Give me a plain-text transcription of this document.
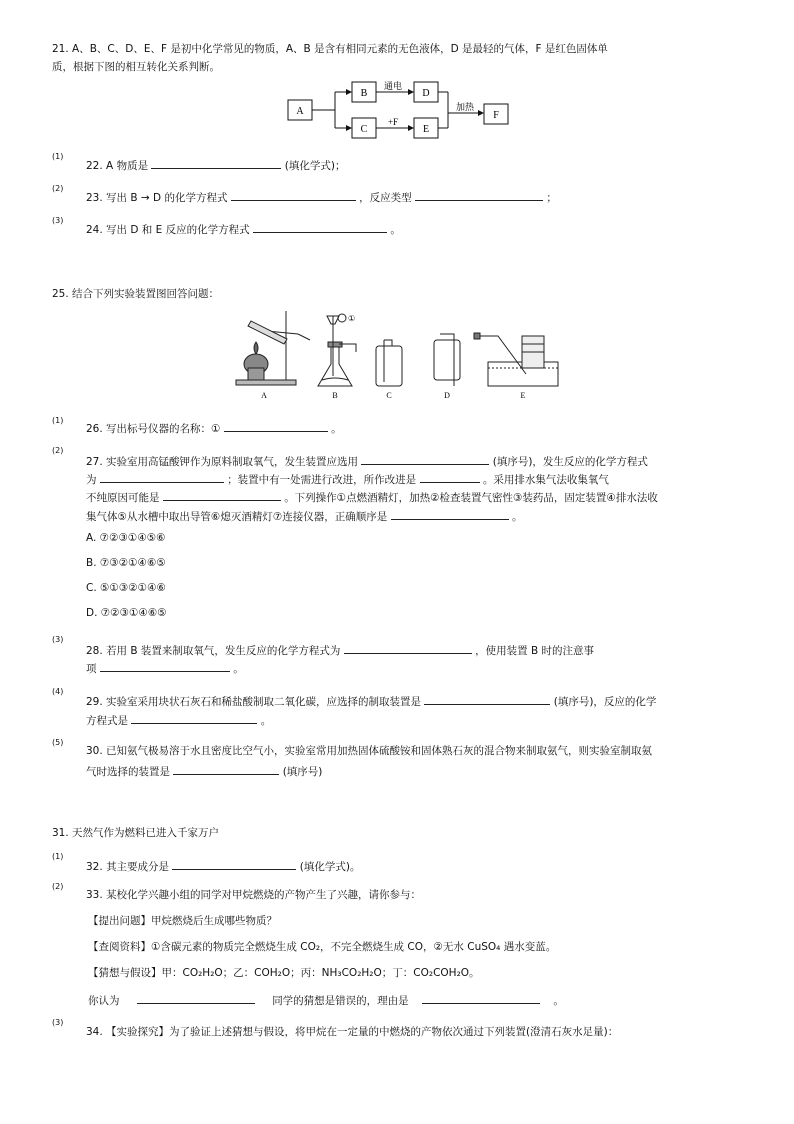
21. A、B、C、D、E、F 是初中化学常见的物质，A、B 是含有相同元素的无色液体，D 是最轻的气体，F 是红色固体单
质，根据下图的相互转化关系判断。
A
B
C
通电
+F
D
E
加热
F
(1)
22. A 物质是	(填化学式)；
(2)
23. 写出 B → D 的化学方程式	，反应类型	；
(3)
24. 写出 D 和 E 反应的化学方程式	。
25. 结合下列实验装置图回答问题：
①
A	B	C	D	E
(1)
26. 写出标号仪器的名称：①	。
(2)
27. 实验室用高锰酸钾作为原料制取氧气，发生装置应选用	(填序号)，发生反应的化学方程式
为	；装置中有一处需进行改进，所作改进是	。采用排水集气法收集氧气
不纯原因可能是	。下列操作①点燃酒精灯，加热②检查装置气密性③装药品，固定装置④排水法收
集气体⑤从水槽中取出导管⑥熄灭酒精灯⑦连接仪器，正确顺序是	。
A. ⑦②③①④⑤⑥
B. ⑦③②①④⑥⑤
C. ⑤①③②①④⑥
D. ⑦②③①④⑥⑤
(3)
28. 若用 B 装置来制取氧气，发生反应的化学方程式为	，使用装置 B 时的注意事
项	。
(4)
29. 实验室采用块状石灰石和稀盐酸制取二氧化碳，应选择的制取装置是	(填序号)，反应的化学
方程式是	。
(5)
30. 已知氨气极易溶于水且密度比空气小，实验室常用加热固体硫酸铵和固体熟石灰的混合物来制取氨气，则实验室制取氨
气时选择的装置是	(填序号)
31. 天然气作为燃料已进入千家万户
(1)
32. 其主要成分是	(填化学式)。
(2)
33. 某校化学兴趣小组的同学对甲烷燃烧的产物产生了兴趣，请你参与：
【提出问题】甲烷燃烧后生成哪些物质？
【查阅资料】①含碳元素的物质完全燃烧生成 CO₂，不完全燃烧生成 CO，②无水 CuSO₄ 遇水变蓝。
【猜想与假设】甲：CO₂H₂O；乙：COH₂O；丙：NH₃CO₂H₂O；丁：CO₂COH₂O。
你认为	同学的猜想是错误的，理由是	。
(3)
34. 【实验探究】为了验证上述猜想与假设，将甲烷在一定量的中燃烧的产物依次通过下列装置(澄清石灰水足量)：
